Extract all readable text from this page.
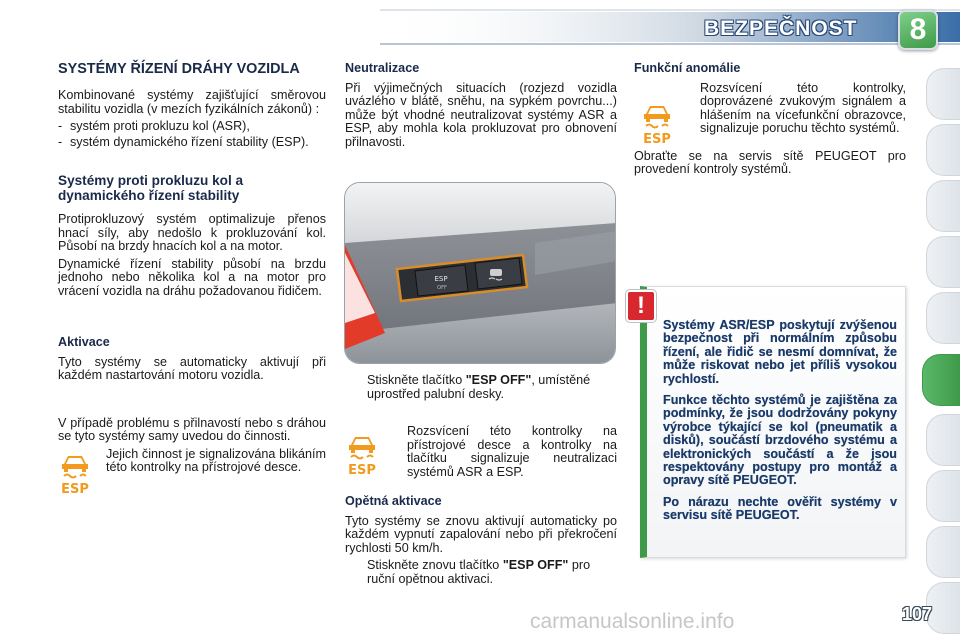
BEZPEČNOST	8
SYSTÉMY ŘÍZENÍ DRÁHY VOZIDLA

Kombinované systémy zajišťující směrovou stabilitu vozidla (v mezích fyzikálních zákonů) :

- systém proti prokluzu kol (ASR),
- systém dynamického řízení stability (ESP).
Systémy proti prokluzu kol a dynamického řízení stability

Protiprokluzový systém optimalizuje přenos hnací síly, aby nedošlo k prokluzování kol. Působí na brzdy hnacích kol a na motor.

Dynamické řízení stability působí na brzdu jednoho nebo několika kol a na motor pro vrácení vozidla na dráhu požadovanou řidičem.

Aktivace

Tyto systémy se automaticky aktivují při každém nastartování motoru vozidla.

V případě problému s přilnavostí nebo s dráhou se tyto systémy samy uvedou do činnosti.

ESP
Jejich činnost je signalizována blikáním této kontrolky na přístrojové desce.
Neutralizace

Při výjimečných situacích (rozjezd vozidla uvázlého v blátě, sněhu, na sypkém povrchu...) může být vhodné neutralizovat systémy ASR a ESP, aby mohla kola prokluzovat pro obnovení přilnavosti.

ESP
OFF
Stiskněte tlačítko "ESP OFF", umístěné uprostřed palubní desky.
ESP
Rozsvícení této kontrolky na přístrojové desce a kontrolky na tlačítku signalizuje neutralizaci systémů ASR a ESP.
Opětná aktivace

Tyto systémy se znovu aktivují automaticky po každém vypnutí zapalování nebo při překročení rychlosti 50 km/h.

Stiskněte znovu tlačítko "ESP OFF" pro ruční opětnou aktivaci.
Funkční anomálie
ESP
Rozsvícení této kontrolky, doprovázené zvukovým signálem a hlášením na vícefunkční obrazovce, signalizuje poruchu těchto systémů.

Obraťte se na servis sítě PEUGEOT pro provedení kontroly systémů.

Systémy ASR/ESP poskytují zvýšenou bezpečnost při normálním způsobu řízení, ale řidič se nesmí domnívat, že může riskovat nebo jet příliš vysokou rychlostí.

Funkce těchto systémů je zajištěna za podmínky, že jsou dodržovány pokyny výrobce týkající se kol (pneumatik a disků), součástí brzdového systému a elektronických součástí a že jsou respektovány postupy pro montáž a opravy sítě PEUGEOT.

Po nárazu nechte ověřit systémy v servisu sítě PEUGEOT.

!
carmanualsonline.info	107
